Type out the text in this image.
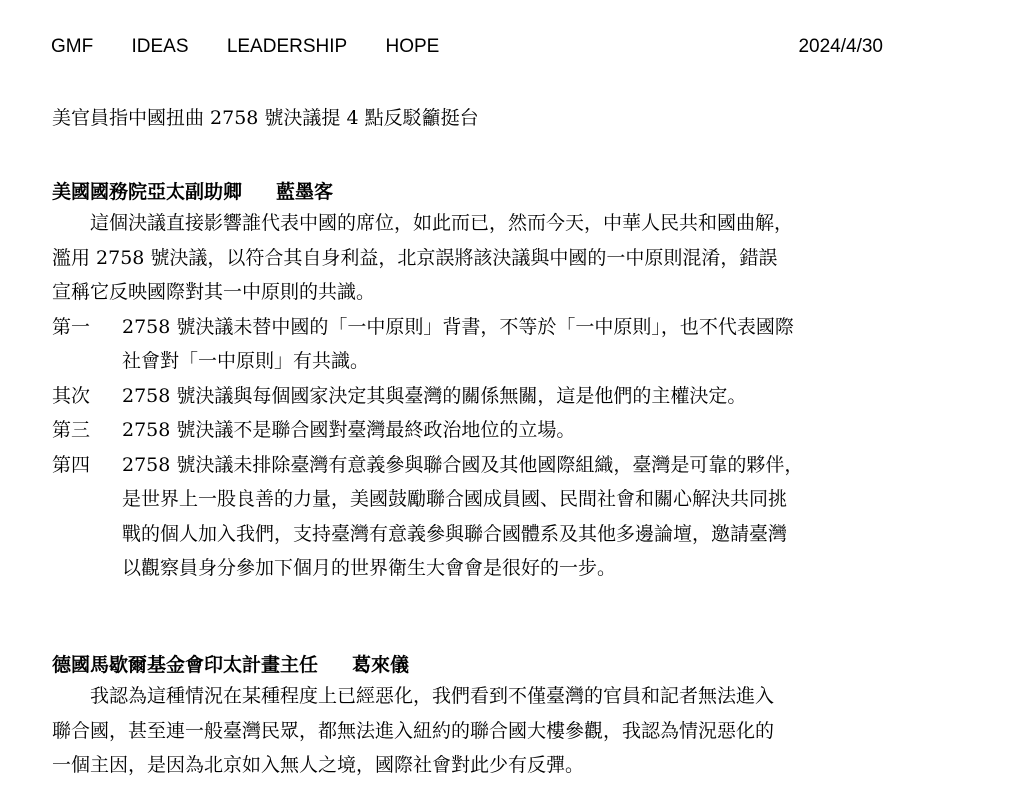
GMF IDEAS LEADERSHIP HOPE	2024/4/30
美官員指中國扭曲 2758 號決議提 4 點反駁籲挺台
美國國務院亞太副助卿 藍墨客

這個決議直接影響誰代表中國的席位，如此而已，然而今天，中華人民共和國曲解，
濫用 2758 號決議，以符合其自身利益，北京誤將該決議與中國的一中原則混淆，錯誤
宣稱它反映國際對其一中原則的共識。

第一	2758 號決議未替中國的「一中原則」背書，不等於「一中原則」，也不代表國際
社會對「一中原則」有共識。
其次	2758 號決議與每個國家決定其與臺灣的關係無關，這是他們的主權決定。
第三	2758 號決議不是聯合國對臺灣最終政治地位的立場。
第四	2758 號決議未排除臺灣有意義參與聯合國及其他國際組織，臺灣是可靠的夥伴，
是世界上一股良善的力量，美國鼓勵聯合國成員國、民間社會和關心解決共同挑
戰的個人加入我們，支持臺灣有意義參與聯合國體系及其他多邊論壇，邀請臺灣
以觀察員身分參加下個月的世界衛生大會會是很好的一步。
德國馬歇爾基金會印太計畫主任 葛來儀

我認為這種情況在某種程度上已經惡化，我們看到不僅臺灣的官員和記者無法進入
聯合國，甚至連一般臺灣民眾，都無法進入紐約的聯合國大樓參觀，我認為情況惡化的
一個主因，是因為北京如入無人之境，國際社會對此少有反彈。
